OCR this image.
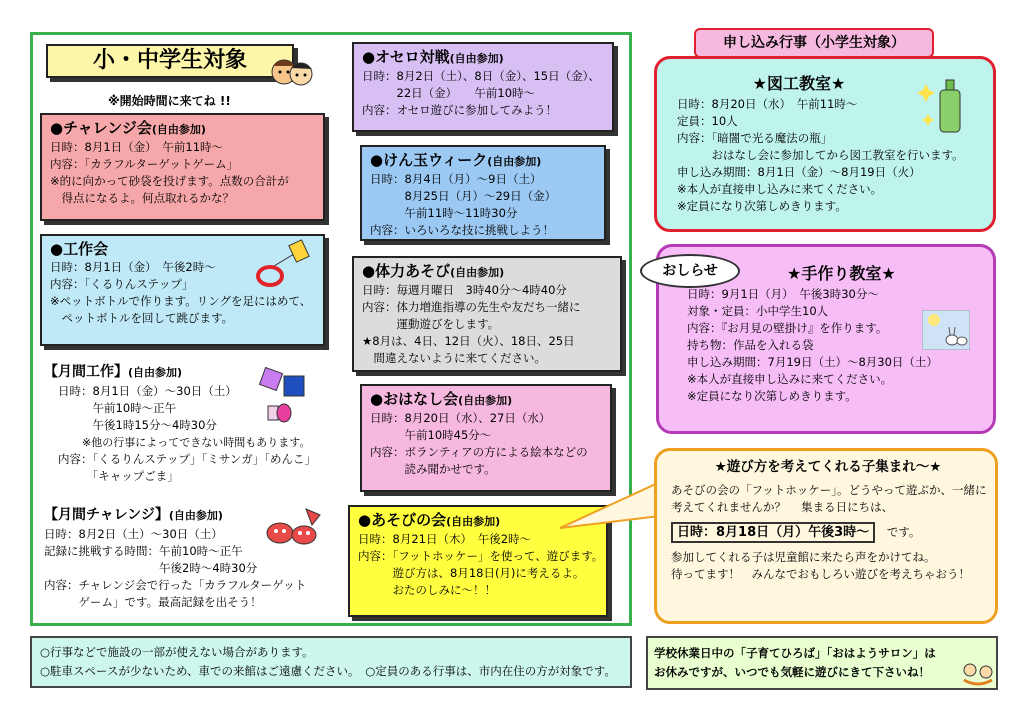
小・中学生対象
※開始時間に来てね !!
●チャレンジ会(自由参加)
日時：8月1日（金）　午前11時〜
内容：「カラフルターゲットゲーム」
※的に向かって砂袋を投げます。点数の合計が
　得点になるよ。何点取れるかな？
●工作会
日時：8月1日（金）　午後2時〜
内容：「くるりんステップ」
※ペットボトルで作ります。リングを足にはめて、
　ペットボトルを回して跳びます。
【月間工作】(自由参加)
日時：8月1日（金）〜30日（土）
　　　午前10時〜正午
　　　午後1時15分〜4時30分
※他の行事によってできない時間もあります。
内容：「くるりんステップ」「ミサンガ」「めんこ」
　　　「キャップごま」
【月間チャレンジ】(自由参加)
日時：8月2日（土）〜30日（土）
記録に挑戦する時間：午前10時〜正午
　　　　　　　　　　午後2時〜4時30分
内容：チャレンジ会で行った「カラフルターゲット
　　　ゲーム」です。最高記録を出そう！
●オセロ対戦(自由参加)
日時：8月2日（土）、8日（金）、15日（金）、
　　　22日（金）　　午前10時〜
内容：オセロ遊びに参加してみよう！
●けん玉ウィーク(自由参加)
日時：8月4日（月）〜9日（土）
　　　8月25日（月）〜29日（金）
　　　午前11時〜11時30分
内容：いろいろな技に挑戦しよう！
●体力あそび(自由参加)
日時：毎週月曜日　3時40分〜4時40分
内容：体力増進指導の先生や友だち一緒に
　　　運動遊びをします。
★8月は、4日、12日（火）、18日、25日
　間違えないように来てください。
●おはなし会(自由参加)
日時：8月20日（水）、27日（水）
　　　午前10時45分〜
内容：ボランティアの方による絵本などの
　　　読み聞かせです。
●あそびの会(自由参加)
日時：8月21日（木）　午後2時〜
内容：「フットホッケー」を使って、遊びます。
　　　遊び方は、8月18日(月)に考えるよ。
　　　おたのしみに〜！！
○行事などで施設の一部が使えない場合があります。
○駐車スペースが少ないため、車での来館はご遠慮ください。　○定員のある行事は、市内在住の方が対象です。
申し込み行事（小学生対象）
★図工教室★
日時：8月20日（水）　午前11時〜
定員：10人
内容：「暗闇で光る魔法の瓶」
　　　おはなし会に参加してから図工教室を行います。
申し込み期間：8月1日（金）〜8月19日（火）
※本人が直接申し込みに来てください。
※定員になり次第しめきります。
★手作り教室★
日時：9月1日（月）　午後3時30分〜
対象・定員：小中学生10人
内容：『お月見の壁掛け』を作ります。
持ち物：作品を入れる袋
申し込み期間：7月19日（土）〜8月30日（土）
※本人が直接申し込みに来てください。
※定員になり次第しめきります。
おしらせ
★遊び方を考えてくれる子集まれ〜★
あそびの会の「フットホッケー」。どうやって遊ぶか、一緒に
考えてくれませんか？　 集まる日にちは、
日時：8月18日（月）午後3時〜 です。
参加してくれる子は児童館に来たら声をかけてね。
待ってます！　みんなでおもしろい遊びを考えちゃおう！
学校休業日中の「子育てひろば」「おはようサロン」は
お休みですが、いつでも気軽に遊びにきて下さいね！
